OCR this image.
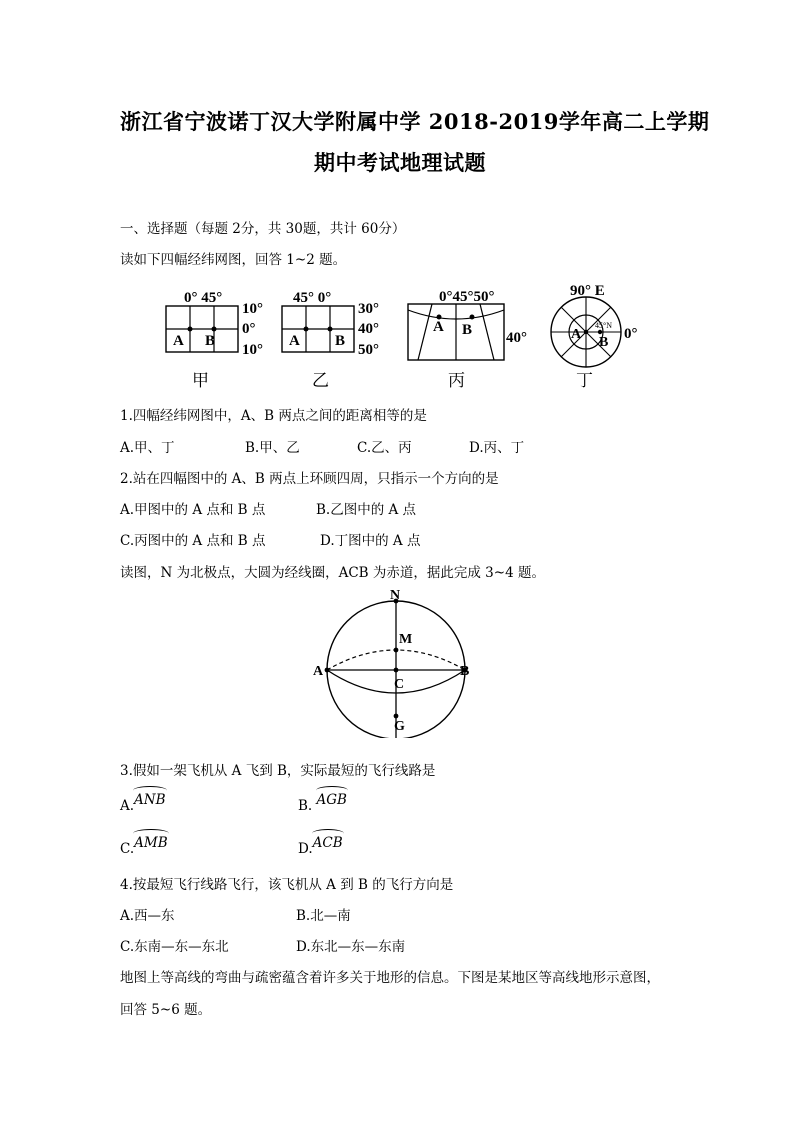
浙江省宁波诺丁汉大学附属中学 2018-2019学年高二上学期
期中考试地理试题
一、选择题（每题 2分，共 30题，共计 60分）
读如下四幅经纬网图，回答 1~2 题。
0° 45°
10°
0°
10°
A B
甲
45° 0°
30°
40°
50°
A B
乙
0°45°50°
40°
A B
丙
90° E
0°
45°N
A
B
丁
1.四幅经纬网图中，A、B 两点之间的距离相等的是
A.甲、丁	B.甲、乙	C.乙、丙	D.丙、丁
2.站在四幅图中的 A、B 两点上环顾四周，只指示一个方向的是
A.甲图中的 A 点和 B 点	B.乙图中的 A 点
C.丙图中的 A 点和 B 点	D.丁图中的 A 点
读图，N 为北极点，大圆为经线圈，ACB 为赤道，据此完成 3~4 题。
N
M
A	B
C
G
3.假如一架飞机从 A 飞到 B，实际最短的飞行线路是
A.ANB	B. AGB
C.AMB	D.ACB
4.按最短飞行线路飞行，该飞机从 A 到 B 的飞行方向是
A.西—东	B.北—南
C.东南—东—东北	D.东北—东—东南
地图上等高线的弯曲与疏密蕴含着许多关于地形的信息。下图是某地区等高线地形示意图，
回答 5~6 题。
